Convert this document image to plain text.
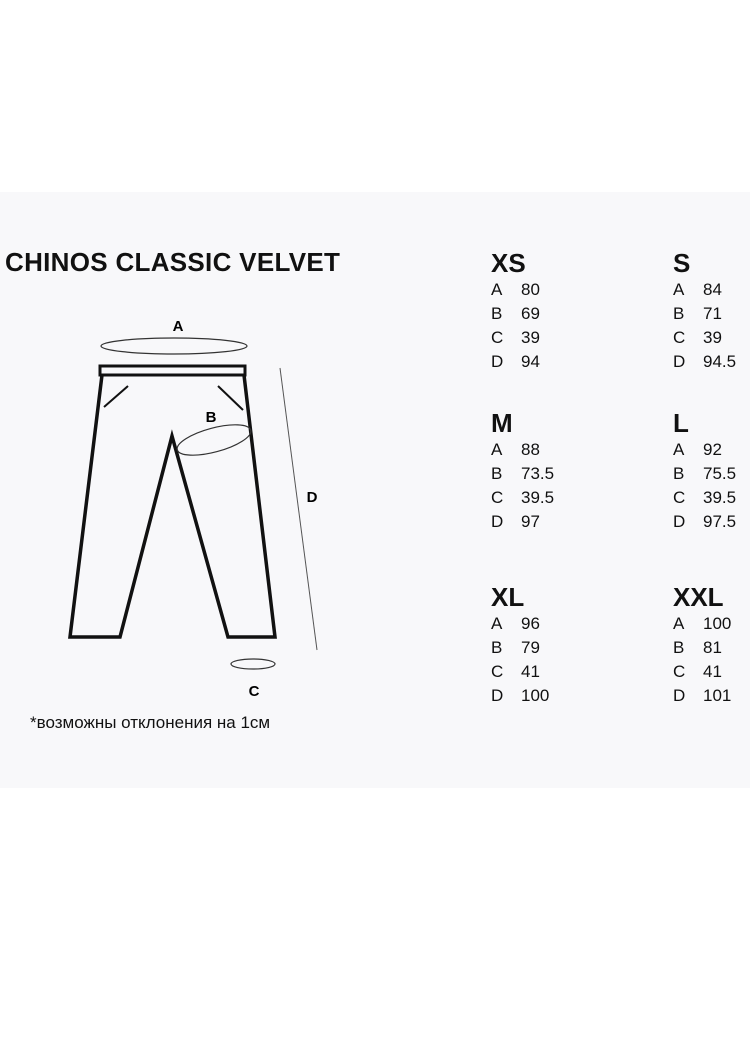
CHINOS CLASSIC VELVET
A
B
D
C
*возможны отклонения на 1см
XS
A 80
B 69
C 39
D 94
S
A 84
B 71
C 39
D 94.5
M
A 88
B 73.5
C 39.5
D 97
L
A 92
B 75.5
C 39.5
D 97.5
XL
A 96
B 79
C 41
D 100
XXL
A 100
B 81
C 41
D 101
